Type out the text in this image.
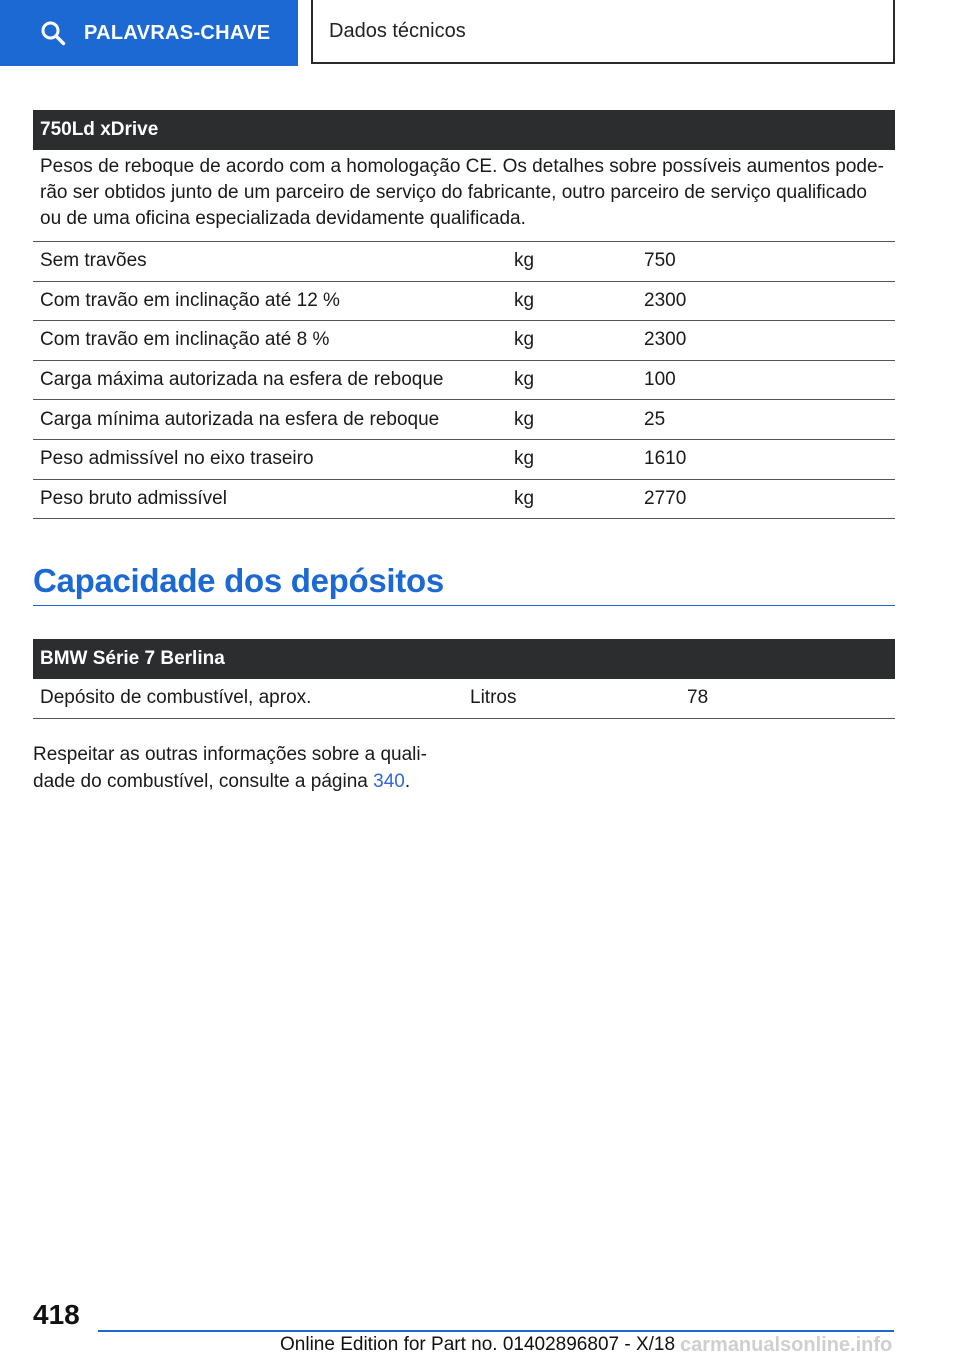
PALAVRAS-CHAVE	Dados técnicos
750Ld xDrive
Pesos de reboque de acordo com a homologação CE. Os detalhes sobre possíveis aumentos pode-rão ser obtidos junto de um parceiro de serviço do fabricante, outro parceiro de serviço qualificado ou de uma oficina especializada devidamente qualificada.
Sem travões	kg	750
Com travão em inclinação até 12 %	kg	2300
Com travão em inclinação até 8 %	kg	2300
Carga máxima autorizada na esfera de reboque	kg	100
Carga mínima autorizada na esfera de reboque	kg	25
Peso admissível no eixo traseiro	kg	1610
Peso bruto admissível	kg	2770
Capacidade dos depósitos
BMW Série 7 Berlina
Depósito de combustível, aprox.	Litros	78
Respeitar as outras informações sobre a quali-dade do combustível, consulte a página 340.
418
Online Edition for Part no. 01402896807 - X/18 carmanualsonline.info
